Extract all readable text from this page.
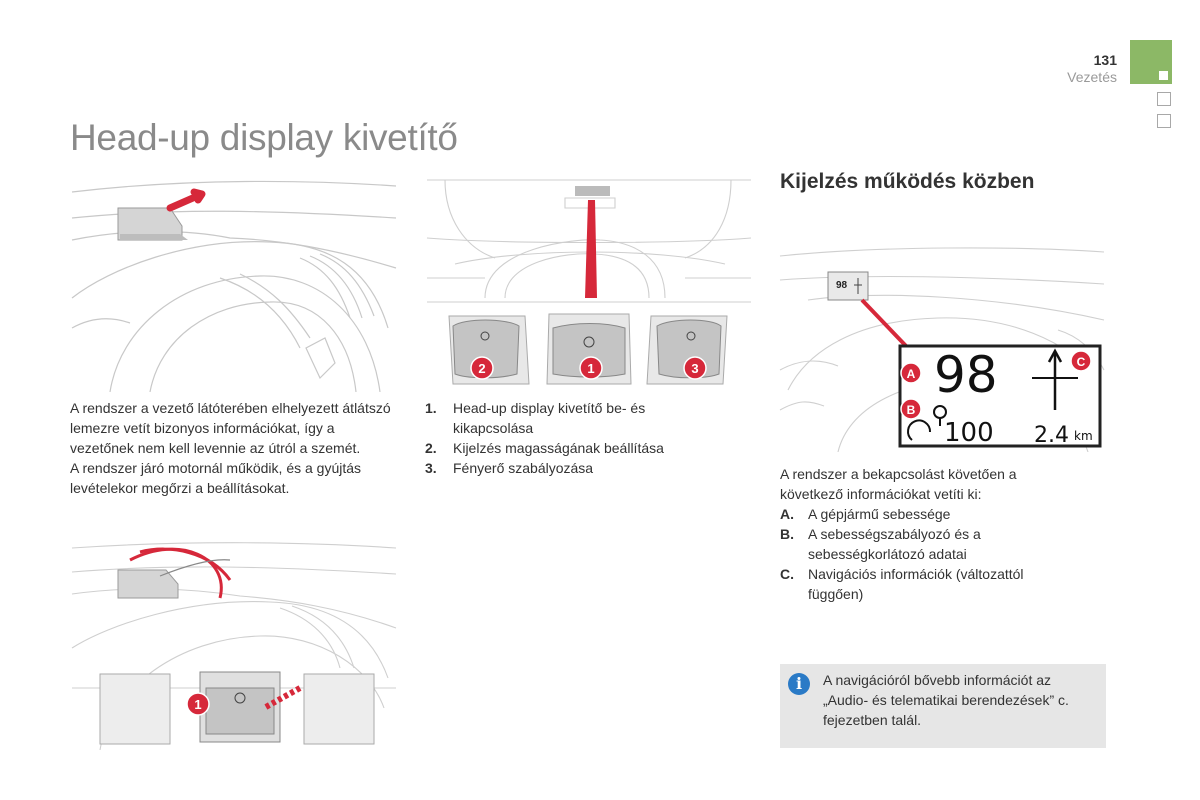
131
Vezetés
Head-up display kivetítő
2	1	3
98
98
100 2.4 km
A
B
C

A rendszer a vezető látóterében elhelyezett átlátszó lemezre vetít bizonyos információkat, így a vezetőnek nem kell levennie az útról a szemét.

A rendszer járó motornál működik, és a gyújtás levételekor megőrzi a beállításokat.

1.	Head-up display kivetítő be- és kikapcsolása
2.	Kijelzés magasságának beállítása
3.	Fényerő szabályozása
1
Kijelzés működés közben

A rendszer a bekapcsolást követően a következő információkat vetíti ki:

A.	A gépjármű sebessége
B.	A sebességszabályozó és a sebességkorlátozó adatai
C.	Navigációs információk (változattól függően)
i	A navigációról bővebb információt az „Audio- és telematikai berendezések” c. fejezetben talál.
